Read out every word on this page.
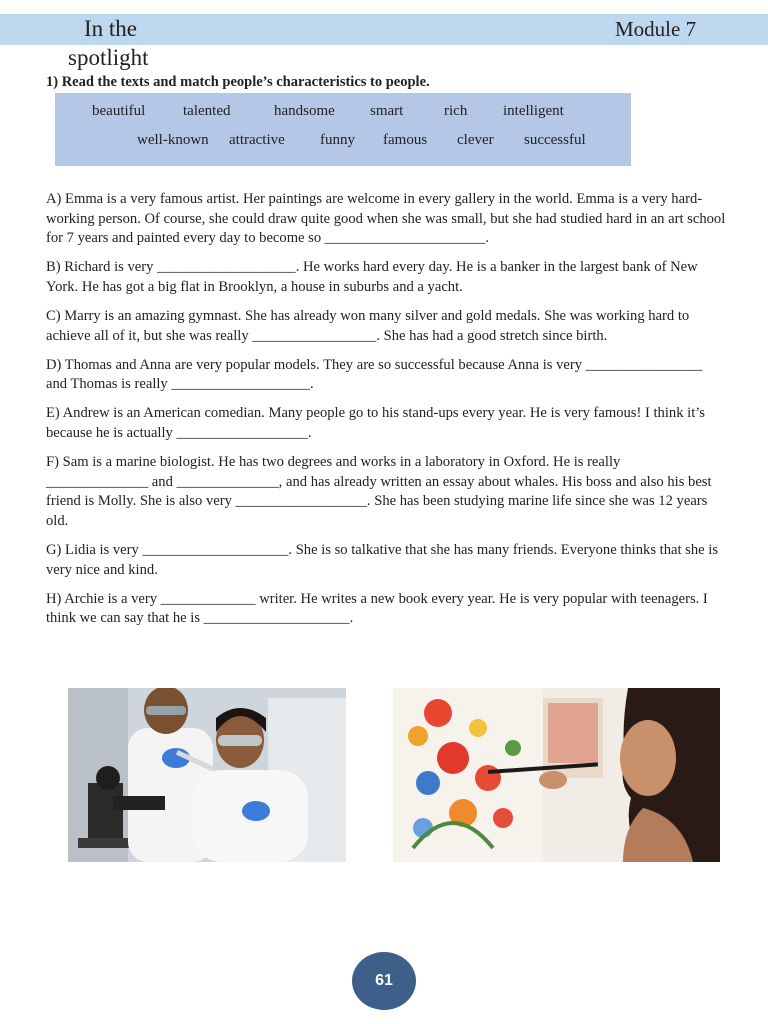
In the
spotlight
Module 7
1) Read the texts and match people’s characteristics to people.
beautiful	talented	handsome smart	rich intelligent
well-known attractive funny famous clever successful

A) Emma is a very famous artist. Her paintings are welcome in every gallery in the world. Emma is a very hard-working person. Of course, she could draw quite good when she was small, but she had studied hard in an art school for 7 years and painted every day to become so ______________________.

B) Richard is very ___________________. He works hard every day. He is a banker in the largest bank of New York. He has got a big flat in Brooklyn, a house in suburbs and a yacht.

C) Marry is an amazing gymnast. She has already won many silver and gold medals. She was working hard to achieve all of it, but she was really _________________. She has had a good stretch since birth.

D) Thomas and Anna are very popular models. They are so successful because Anna is very ________________ and Thomas is really ___________________.

E) Andrew is an American comedian. Many people go to his stand-ups every year. He is very famous! I think it’s because he is actually __________________.

F) Sam is a marine biologist. He has two degrees and works in a laboratory in Oxford. He is really ______________ and ______________, and has already written an essay about whales. His boss and also his best friend is Molly. She is also very __________________. She has been studying marine life since she was 12 years old.

G) Lidia is very ____________________. She is so talkative that she has many friends. Everyone thinks that she is very nice and kind.

H) Archie is a very _____________ writer. He writes a new book every year. He is very popular with teenagers. I think we can say that he is ____________________.

61
